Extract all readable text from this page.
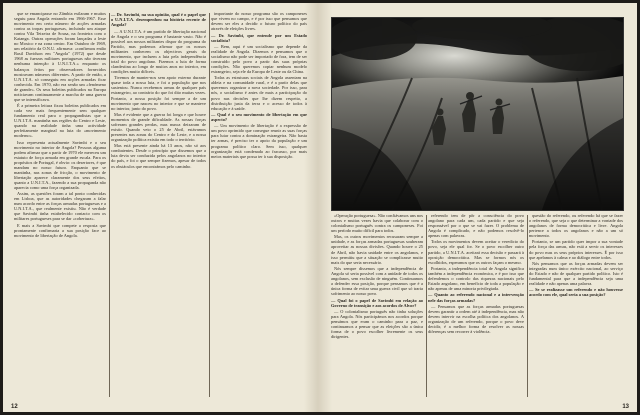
que se emancipasse no Zâmbia exilaram e muitos seguiu para Angola entrando em 1966-1967. Esse movimento em certo número de acções armadas contra as tropas portuguesas, incluindo um ataque contra Vila Teixeira de Sousa, na fronteira com o Katanga. Outras operações foram lançadas a leste no Moxico e na zona centro. Em Outubro de 1969, um relatório da O.N.U. afirmava: «confirmou então Basil Davidson em "Angola" (1972) que desde 1968 as fuerzas militares portuguesas não tiveram nenhuma intenção à U.N.I.T.A.» enquanto os balanços feitos por observadores fornecidos mostravam números diferentes. A partir de então, a U.N.I.T.A. só conseguiu em acções armadas ficar conhecida. Em 1970, não era senão um «fenómeno de grande». Os seus boletins publicados na Europa noticiavam continuamente a marcha de uma guerra que se intensificava.

É a primeira leitura fixou boletins publicados em cada vez mais frequentemente sem qualquer fundamento real para o propagandistas que a U.N.I.T.A. mantinha nas regiões do Centro e Leste, quando na realidade tinha uma actividade perfeitamente marginal na luta do «movimento moderno».

Isso representa actualmente Savimbi e o seu movimento no interior de Angola? Pessoas alguma podem afirmar que a partir de 1970 ele mereceu um estatuto de força armada em grande escala. Para os propósitos de Portugal, é obvio: os desertores, é que mandam no nosso futuro. Enquanto que se mantinha, nas zonas de fricção, o movimento de libertação aparece claramente dos seus efeitos, quanto a U.N.I.T.A., fazendo a sua propaganda não aparecia como uma força organizada.

Assim, as questões foram a tal ponto conhecidas em Lisboa, que as autoridades chegaram a falar num acordo entre as forças armadas portuguesas e a U.N.I.T.A., que realmente existiu. Não é verdade que Savimbi tinha estabelecido contacto com os militares portugueses para se dar «cobertura».

E mais a Savimbi que compete a resposta que prontamente confirmaria a sua posição face ao movimento de libertação de Angola.

— Dr. Savimbi, na sua opinião, qual é o papel que o U.N.I.T.A. desempenhou na história recente de Angola?

— A U.N.I.T.A. é um partido de libertação nacional de Angola e o seu programa é bastante vasto. Não é possível aos nossos militantes dispor do programa do Partido, mas podemos afirmar que os nossos militantes conhecem os objectivos gerais do movimento, que incluem a luta pela independência total do povo angolano. Fizemos a luta de forma clandestina ao longo de muitos anos no interior, em condições muito difíceis.

Tivemos de manter-nos sem apoio externo durante quase toda a nossa luta, e foi a população que nos sustentou. Nunca recebemos armas de qualquer país estrangeiro, ao contrário do que foi dito muitas vezes. Portanto, a nossa posição foi sempre a de um movimento que nasceu no interior e que se manteve no interior, junto do povo.

Mas é evidente que a guerra foi longa e que houve momentos de grande dificuldade. As nossas forças sofreram grandes perdas, mas nunca deixaram de existir. Quando veio o 25 de Abril, estávamos presentes nas zonas do Centro e do Leste, e a nossa organização política existia em todo o território.

Mas está presente ainda há 13 anos, não só aos combatentes. Desde o princípio que dissemos que a luta devia ser conduzida pelos angolanos no interior do país, e foi o que sempre fizemos, apesar de todos os obstáculos que encontrámos pelo caminho.

importante do nosso programa são os camponeses que vivem no campo, e é por isso que pensamos que devem ser eles a decidir o futuro político do país através de eleições livres.

— Dr. Savimbi, que entende por um Estado socialista?

— Bem, aqui é um socialismo que depende da realidade de Angola. Dizemos e pensamos que o socialismo não pode ser importado de fora, tem de ser construído pelo povo a partir das suas próprias condições. Não queremos copiar nenhum modelo estrangeiro, seja ele da Europa de Leste ou da China.

Todas as estruturas sociais de Angola assentam na aldeia e na comunidade rural, e é a partir delas que queremos organizar a nova sociedade. Por isso, para nós, o socialismo é antes de mais a participação do povo nas decisões que lhe dizem respeito, a distribuição justa da terra e o acesso de todos à educação e à saúde.

— Qual é o seu movimento de libertação em que aspecto?

— Um movimento de libertação é a expressão de um povo oprimido que consegue reunir as suas forças para lutar contra a dominação estrangeira. Não basta ter armas, é preciso ter o apoio da população e um programa político claro. Sem isso, qualquer organização está condenada ao fracasso, por mais meios materiais que possa ter à sua disposição.

12

«Operação portuguesa». Não confiávamos uns nos outros e muitas vezes havia que colaborar com o colonialismo português contra os camponeses. Foi um período muito difícil para todos.

Mas, os outros movimentos recusaram sempre a unidade, e as forças armadas portuguesas souberam aproveitar as nossas divisões. Quando houve o 25 de Abril, não havia unidade entre os angolanos, e isso permitiu que a situação se complicasse muito mais do que seria necessário.

Nós sempre dissemos que a independência de Angola só seria possível com a unidade de todos os angolanos, sem exclusão de ninguém. Continuamos a defender essa posição, porque pensamos que é a única forma de evitar uma guerra civil que só traria sofrimento ao nosso povo.

— Qual foi o papel de Savimbi em relação ao Governo de transição e aos acordos de Alvor?

— O colonialismo português não tinha soluções para Angola. Nós participámos nos acordos porque pensámos que eram o caminho para a paz, e continuamos a pensar que as eleições são a única forma de o povo escolher livremente os seus dirigentes.

referendo tem de pôr a consciência do povo angolano para cada um, cada partido e que seja responsável por o que se vai fazer. O problema de Angola é complicado, e não podemos resolvê-lo apenas com palavras.

Todos os movimentos devem aceitar o veredicto do povo, seja ele qual for. Se o povo escolher outro partido, a U.N.I.T.A. aceitará essa decisão e passará à oposição democrática. Mas se formos nós os escolhidos, esperamos que os outros façam o mesmo.

Portanto, a independência total de Angola significa também a independência económica, e é por isso que defendemos o controlo das riquezas nacionais pelo Estado angolano, em benefício de toda a população e não apenas de uma minoria privilegiada.

— Quanto ao referendo nacional e a intervenção nele das forças armadas?

— Pensamos que as forças armadas portuguesas devem garantir a ordem até à independência, mas não devem intervir na escolha política dos angolanos. A organização de um referendo, porque o povo deve decidir, é a melhor forma de resolver as nossas diferenças sem recorrer à violência.

questão do referendo, ou referendo há que se fazer o referendo, que seja o que determinar a vontade dos angolanos de forma democrática e livre. Angola pertence a todos os angolanos e não a um só movimento.

Portanto, se um partido quer impor a sua vontade pela força das armas, não está a servir os interesses do povo mas os seus próprios interesses. É por isso que apelamos à calma e ao diálogo entre todos.

Nós pensamos que as forças armadas devem ser integradas num único exército nacional, ao serviço do Estado e não de qualquer partido político. Isto é fundamental para que a independência seja uma realidade e não apenas uma palavra.

— Se se realizasse um referendo e não houvesse acordo com ele, qual seria a sua posição?

13
